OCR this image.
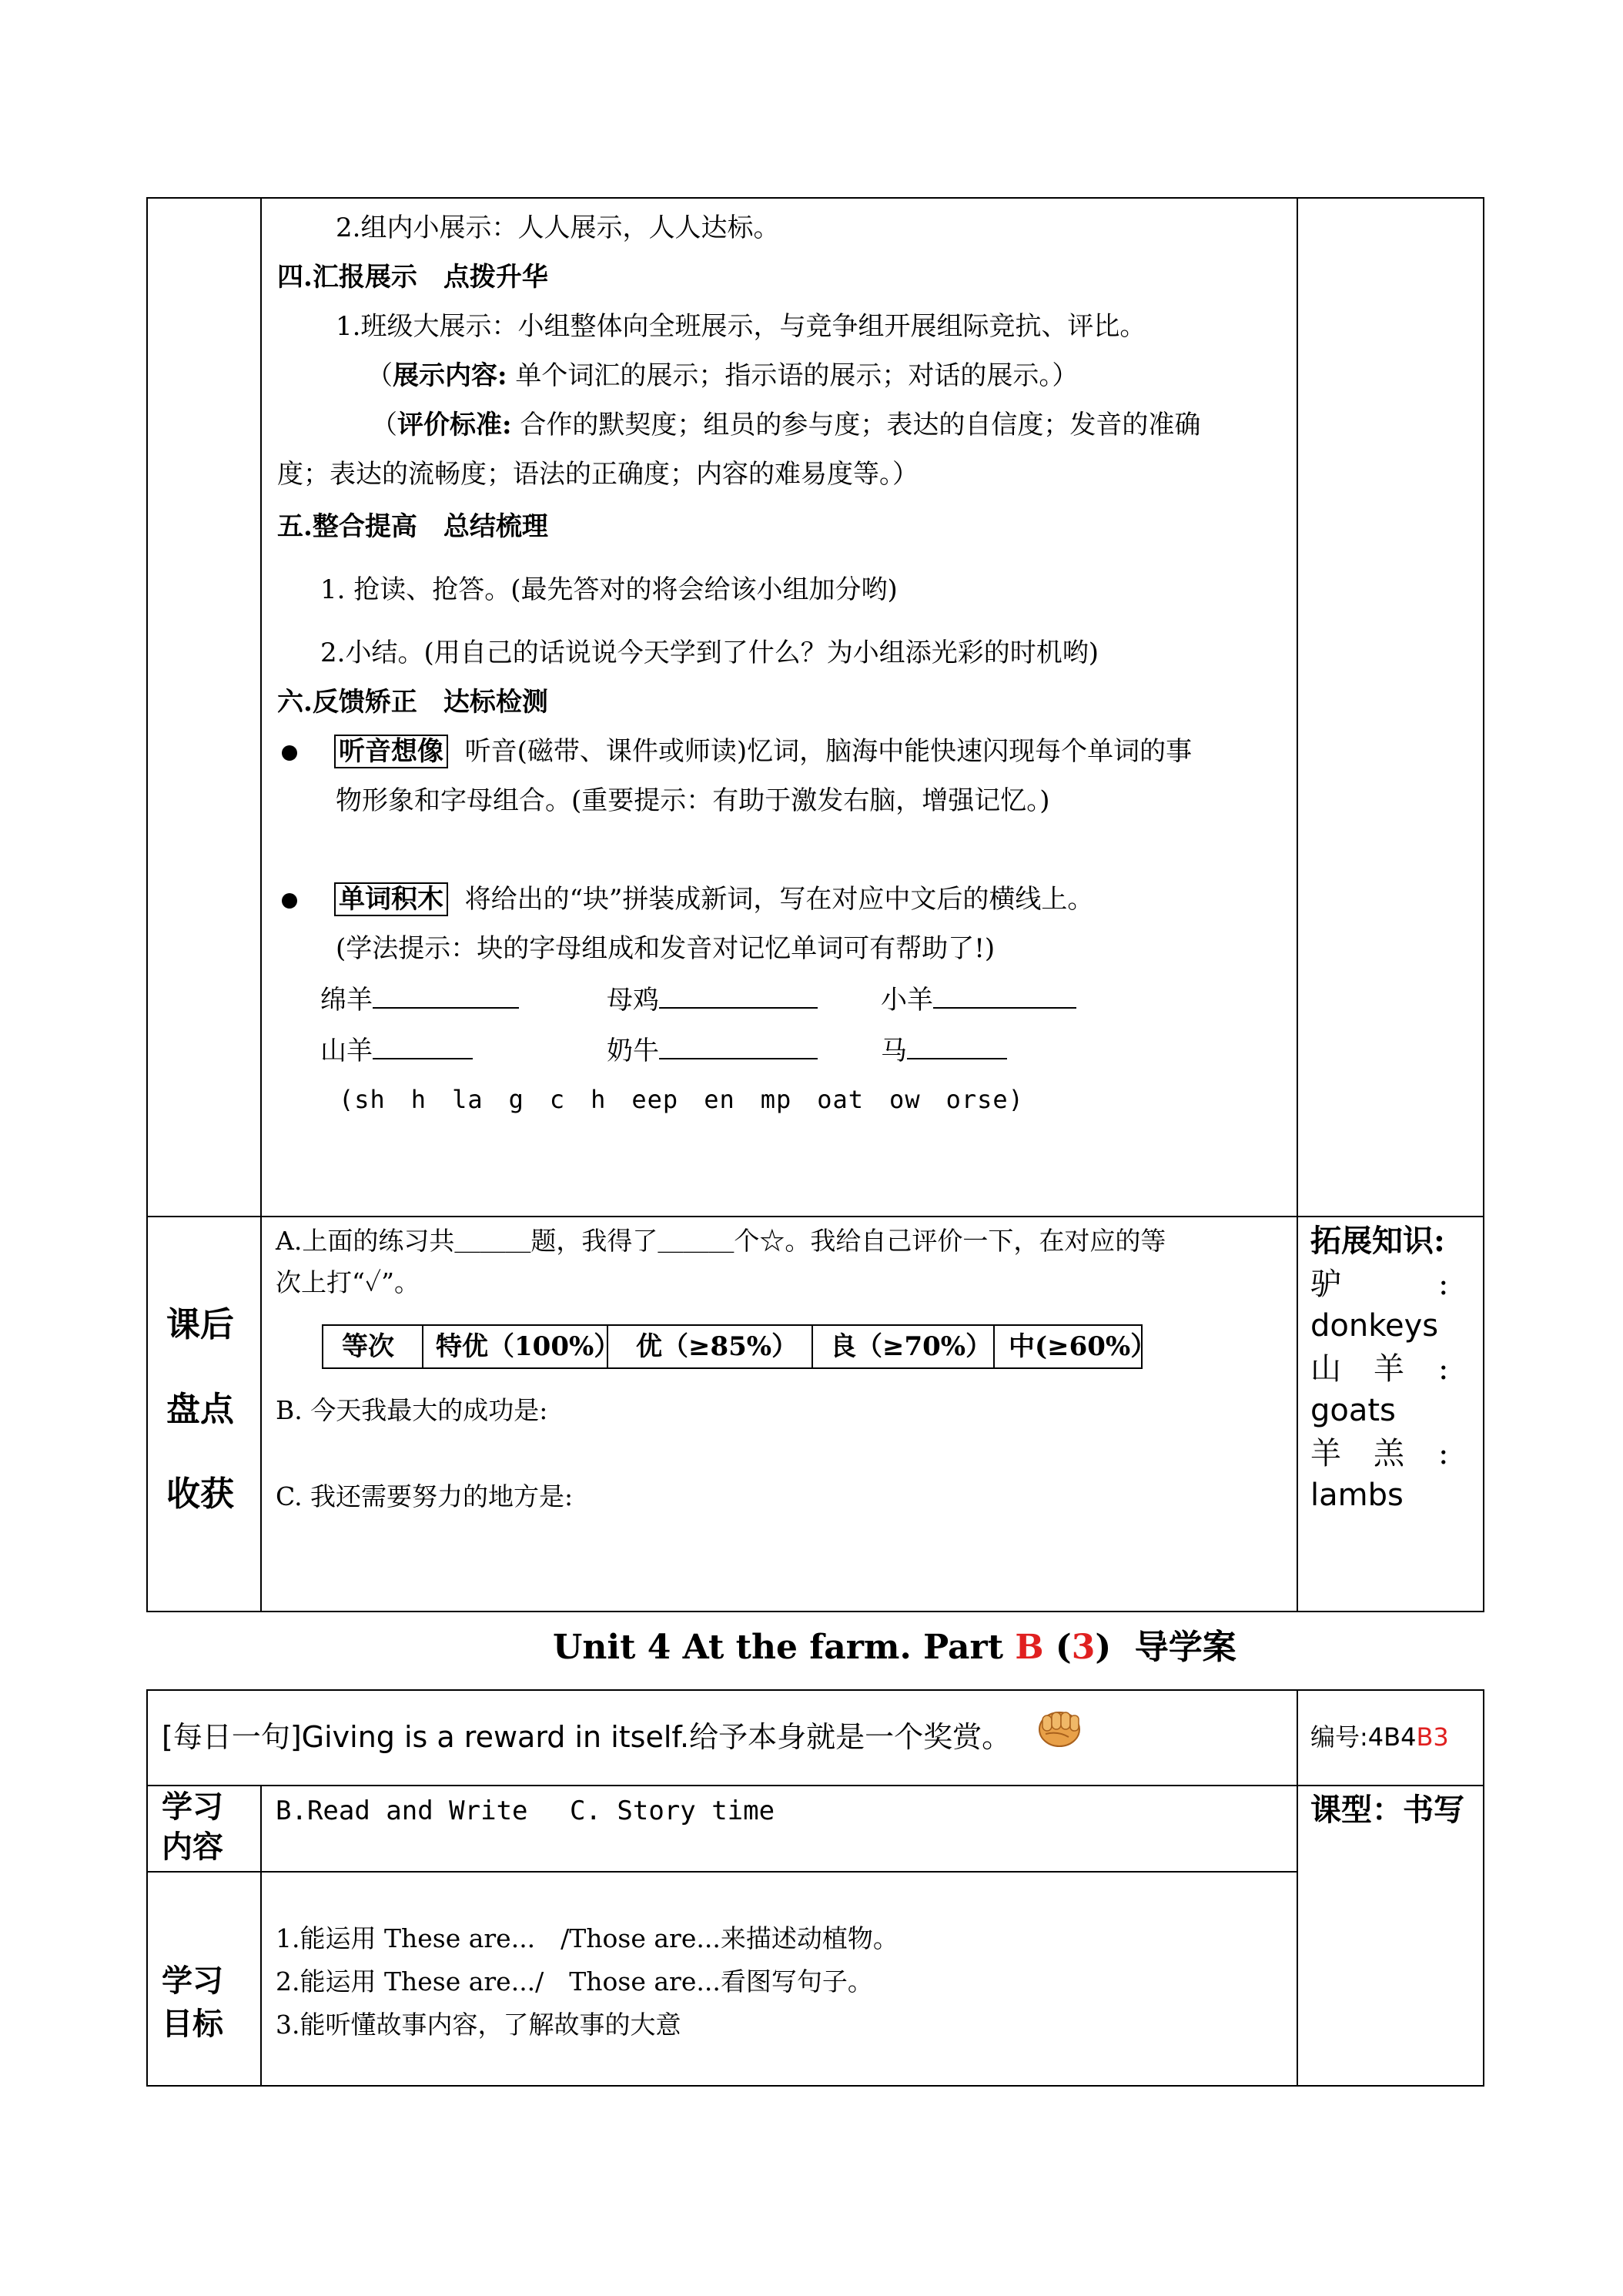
2.组内小展示：人人展示，人人达标。
四.汇报展示　点拨升华
1.班级大展示：小组整体向全班展示，与竞争组开展组际竞抗、评比。
（展示内容: 单个词汇的展示；指示语的展示；对话的展示。）
（评价标准: 合作的默契度；组员的参与度；表达的自信度；发音的准确
度；表达的流畅度；语法的正确度；内容的难易度等。）
五.整合提高　总结梳理
1. 抢读、抢答。(最先答对的将会给该小组加分哟)
2.小结。(用自己的话说说今天学到了什么？为小组添光彩的时机哟)
六.反馈矫正　达标检测
听音想像 听音(磁带、课件或师读)忆词，脑海中能快速闪现每个单词的事
物形象和字母组合。(重要提示：有助于激发右脑，增强记忆。)
单词积木 将给出的“块”拼装成新词，写在对应中文后的横线上。
(学法提示：块的字母组成和发音对记忆单词可有帮助了!)
绵羊	母鸡	小羊
山羊	奶牛	马
(sh　h　la　g　c　h　eep　en　mp　oat　ow　orse)
课后
盘点
收获
A.上面的练习共＿＿＿题，我得了＿＿＿个☆。我给自己评价一下，在对应的等
次上打“✓”。
等次 特优（100%） 优（≥85%） 良（≥70%） 中(≥60%）
B. 今天我最大的成功是:
C. 我还需要努力的地方是:
拓展知识:
驴	:
donkeys
山 羊 :
goats
羊 羔 :
lambs
Unit 4 At the farm. Part B (3) 导学案
[每日一句]Giving is a reward in itself.给予本身就是一个奖赏。	编号:4B4B3
学习
内容
B.Read and Write　 C. Story time	课型：书写
学习
目标
1.能运用 These are...　/Those are...来描述动植物。
2.能运用 These are.../　Those are...看图写句子。
3.能听懂故事内容，了解故事的大意
